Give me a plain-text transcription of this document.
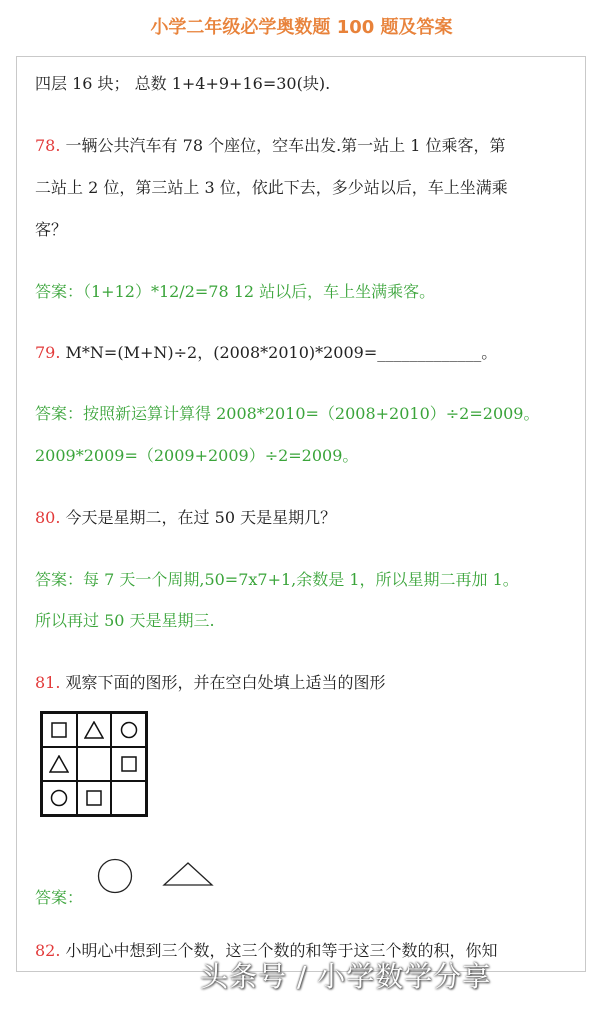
小学二年级必学奥数题 100 题及答案
四层 16 块； 总数 1+4+9+16=30(块).
78. 一辆公共汽车有 78 个座位，空车出发.第一站上 1 位乘客，第
二站上 2 位，第三站上 3 位，依此下去，多少站以后，车上坐满乘
客？
答案：（1+12）*12/2=78 12 站以后，车上坐满乘客。
79. M*N=(M+N)÷2，(2008*2010)*2009=_____________。
答案：按照新运算计算得 2008*2010=（2008+2010）÷2=2009。
2009*2009=（2009+2009）÷2=2009。
80. 今天是星期二，在过 50 天是星期几？
答案：每 7 天一个周期,50=7x7+1,余数是 1，所以星期二再加 1。
所以再过 50 天是星期三.
81. 观察下面的图形，并在空白处填上适当的图形
答案：
82. 小明心中想到三个数，这三个数的和等于这三个数的积，你知
头条号 / 小学数学分享
